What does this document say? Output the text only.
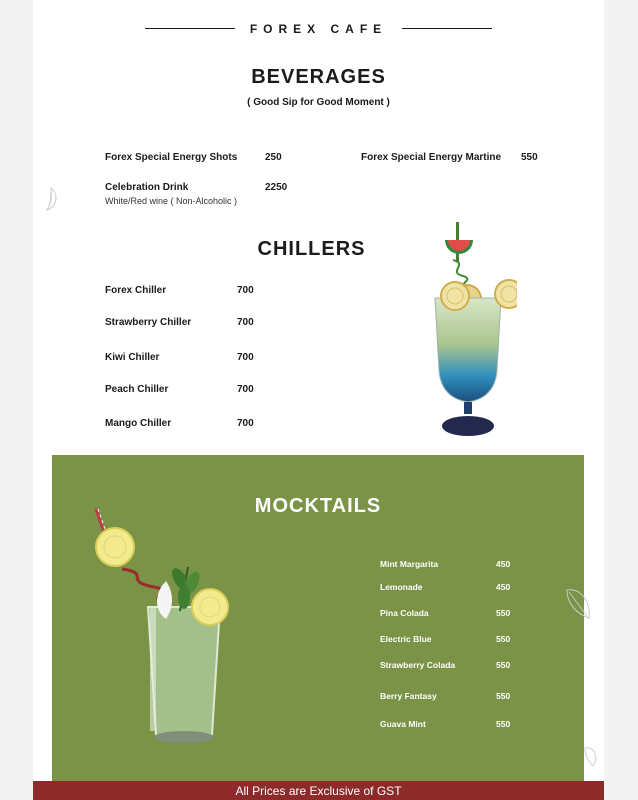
FOREX CAFE
BEVERAGES
( Good Sip for Good Moment )
Forex Special Energy Shots	250	Forex Special Energy Martine 550
Celebration Drink	2250
White/Red wine ( Non-Alcoholic )
CHILLERS
Forex Chiller	700
Strawberry Chiller	700
Kiwi Chiller	700
Peach Chiller	700
Mango Chiller	700
MOCKTAILS
Mint Margarita	450
Lemonade	450
Pina Colada	550
Electric Blue	550
Strawberry Colada	550
Berry Fantasy	550
Guava Mint	550
All Prices are Exclusive of GST
